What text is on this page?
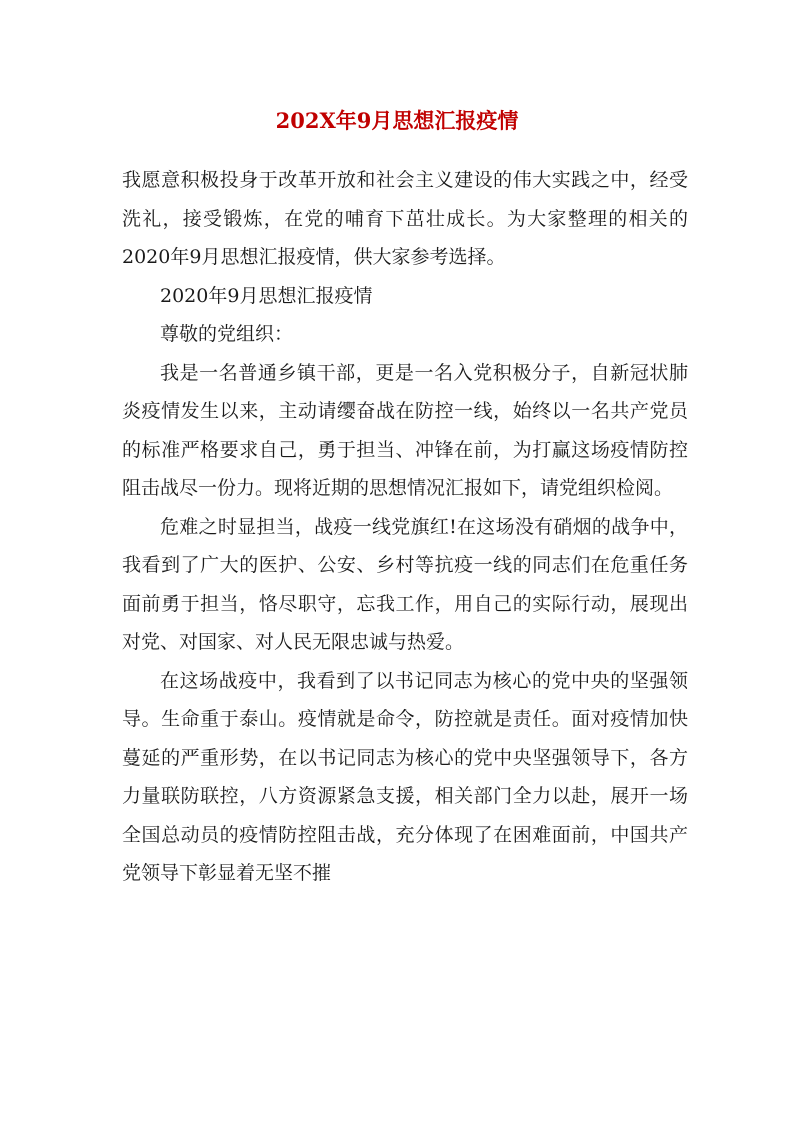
202X年9月思想汇报疫情

我愿意积极投身于改革开放和社会主义建设的伟大实践之中，经受洗礼，接受锻炼，在党的哺育下茁壮成长。为大家整理的相关的2020年9月思想汇报疫情，供大家参考选择。

2020年9月思想汇报疫情

尊敬的党组织：

我是一名普通乡镇干部，更是一名入党积极分子，自新冠状肺炎疫情发生以来，主动请缨奋战在防控一线，始终以一名共产党员的标准严格要求自己，勇于担当、冲锋在前，为打赢这场疫情防控阻击战尽一份力。现将近期的思想情况汇报如下，请党组织检阅。

危难之时显担当，战疫一线党旗红!在这场没有硝烟的战争中，我看到了广大的医护、公安、乡村等抗疫一线的同志们在危重任务面前勇于担当，恪尽职守，忘我工作，用自己的实际行动，展现出对党、对国家、对人民无限忠诚与热爱。

在这场战疫中，我看到了以书记同志为核心的党中央的坚强领导。生命重于泰山。疫情就是命令，防控就是责任。面对疫情加快蔓延的严重形势，在以书记同志为核心的党中央坚强领导下，各方力量联防联控，八方资源紧急支援，相关部门全力以赴，展开一场全国总动员的疫情防控阻击战，充分体现了在困难面前，中国共产党领导下彰显着无坚不摧
